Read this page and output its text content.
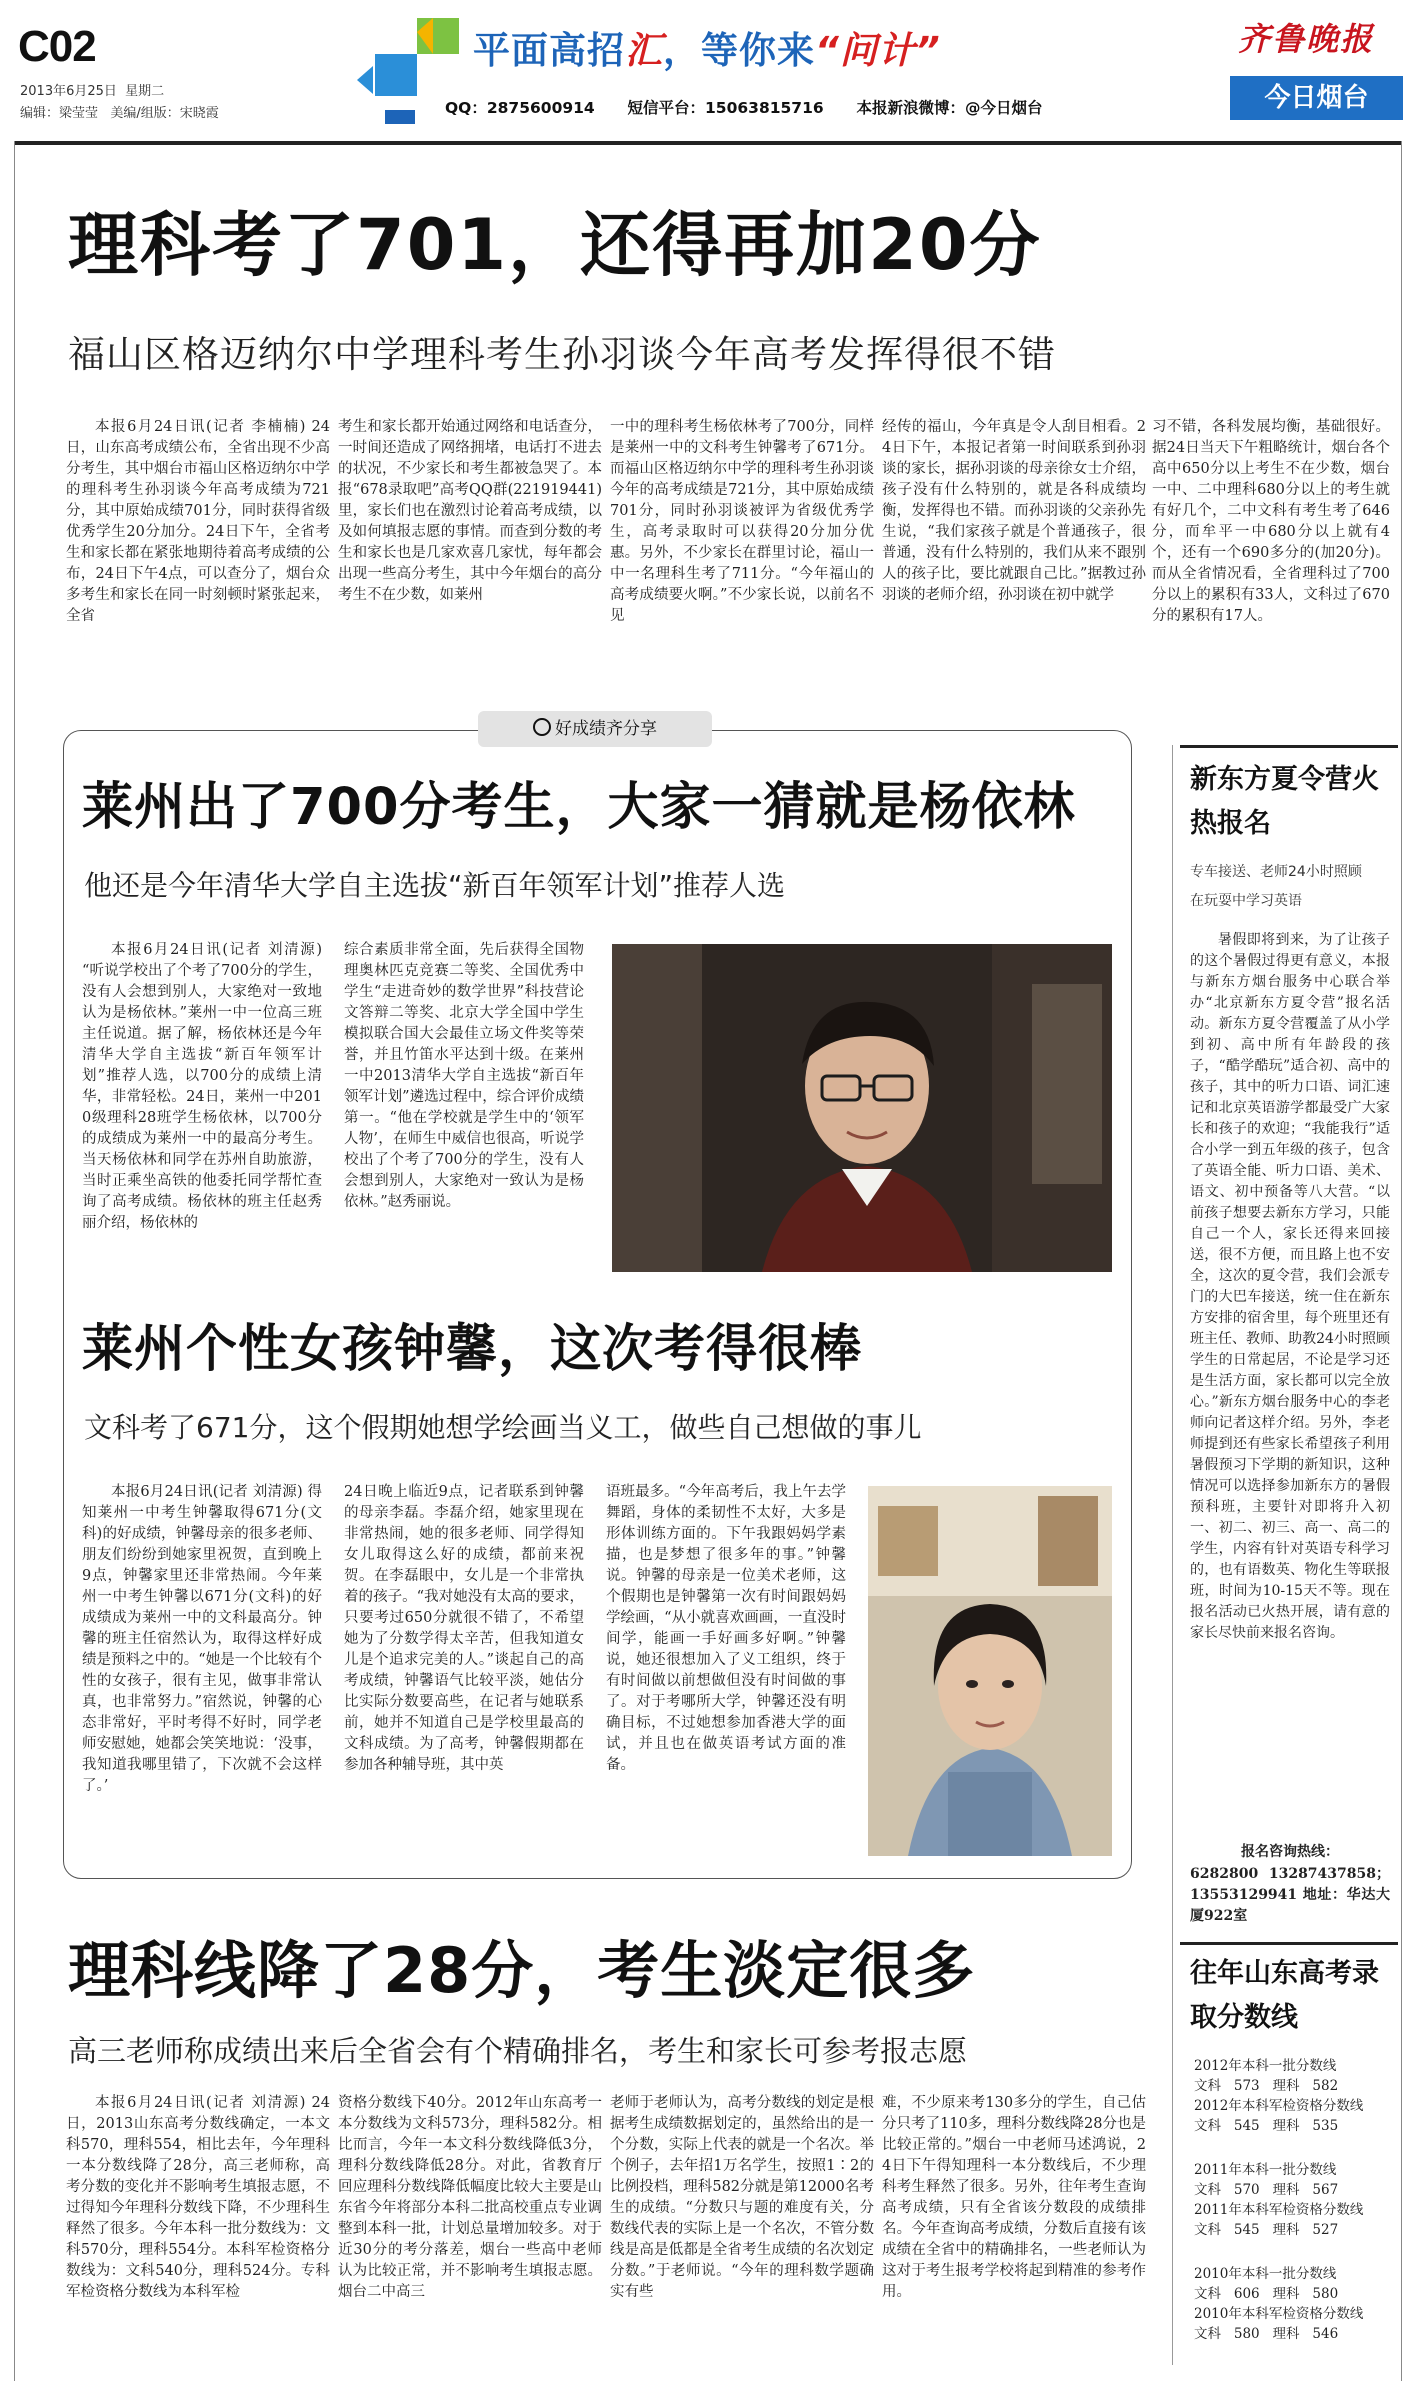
C02
2013年6月25日  星期二
编辑：梁莹莹   美编/组版：宋晓霞
平面高招汇，等你来“问计”
QQ：2875600914 短信平台：15063815716 本报新浪微博：@今日烟台
齐鲁晚报
今日烟台
理科考了701，还得再加20分
福山区格迈纳尔中学理科考生孙羽谈今年高考发挥得很不错
本报6月24日讯(记者 李楠楠) 24日，山东高考成绩公布，全省出现不少高分考生，其中烟台市福山区格迈纳尔中学的理科考生孙羽谈今年高考成绩为721分，其中原始成绩701分，同时获得省级优秀学生20分加分。24日下午，全省考生和家长都在紧张地期待着高考成绩的公布，24日下午4点，可以查分了，烟台众多考生和家长在同一时刻顿时紧张起来，全省
考生和家长都开始通过网络和电话查分，一时间还造成了网络拥堵，电话打不进去的状况，不少家长和考生都被急哭了。本报“678录取吧”高考QQ群(221919441)里，家长们也在激烈讨论着高考成绩，以及如何填报志愿的事情。而查到分数的考生和家长也是几家欢喜几家忧，每年都会出现一些高分考生，其中今年烟台的高分考生不在少数，如莱州
一中的理科考生杨依林考了700分，同样是莱州一中的文科考生钟馨考了671分。而福山区格迈纳尔中学的理科考生孙羽谈今年的高考成绩是721分，其中原始成绩701分，同时孙羽谈被评为省级优秀学生，高考录取时可以获得20分加分优惠。另外，不少家长在群里讨论，福山一中一名理科生考了711分。“今年福山的高考成绩要火啊。”不少家长说，以前名不见
经传的福山，今年真是令人刮目相看。24日下午，本报记者第一时间联系到孙羽谈的家长，据孙羽谈的母亲徐女士介绍，孩子没有什么特别的，就是各科成绩均衡，发挥得也不错。而孙羽谈的父亲孙先生说，“我们家孩子就是个普通孩子，很普通，没有什么特别的，我们从来不跟别人的孩子比，要比就跟自己比。”据教过孙羽谈的老师介绍，孙羽谈在初中就学
习不错，各科发展均衡，基础很好。据24日当天下午粗略统计，烟台各个高中650分以上考生不在少数，烟台一中、二中理科680分以上的考生就有好几个，二中文科有考生考了646分，而牟平一中680分以上就有4个，还有一个690多分的(加20分)。而从全省情况看，全省理科过了700分以上的累积有33人，文科过了670分的累积有17人。
好成绩齐分享
莱州出了700分考生，大家一猜就是杨依林
他还是今年清华大学自主选拔“新百年领军计划”推荐人选
本报6月24日讯(记者 刘清源) “听说学校出了个考了700分的学生，没有人会想到别人，大家绝对一致地认为是杨依林。”莱州一中一位高三班主任说道。据了解，杨依林还是今年清华大学自主选拔“新百年领军计划”推荐人选，以700分的成绩上清华，非常轻松。24日，莱州一中2010级理科28班学生杨依林，以700分的成绩成为莱州一中的最高分考生。当天杨依林和同学在苏州自助旅游，当时正乘坐高铁的他委托同学帮忙查询了高考成绩。杨依林的班主任赵秀丽介绍，杨依林的
综合素质非常全面，先后获得全国物理奥林匹克竞赛二等奖、全国优秀中学生“走进奇妙的数学世界”科技营论文答辩二等奖、北京大学全国中学生模拟联合国大会最佳立场文件奖等荣誉，并且竹笛水平达到十级。在莱州一中2013清华大学自主选拔“新百年领军计划”遴选过程中，综合评价成绩第一。“他在学校就是学生中的‘领军人物’，在师生中威信也很高，听说学校出了个考了700分的学生，没有人会想到别人，大家绝对一致认为是杨依林。”赵秀丽说。
莱州个性女孩钟馨，这次考得很棒
文科考了671分，这个假期她想学绘画当义工，做些自己想做的事儿
本报6月24日讯(记者 刘清源) 得知莱州一中考生钟馨取得671分(文科)的好成绩，钟馨母亲的很多老师、朋友们纷纷到她家里祝贺，直到晚上9点，钟馨家里还非常热闹。今年莱州一中考生钟馨以671分(文科)的好成绩成为莱州一中的文科最高分。钟馨的班主任宿然认为，取得这样好成绩是预料之中的。“她是一个比较有个性的女孩子，很有主见，做事非常认真，也非常努力。”宿然说，钟馨的心态非常好，平时考得不好时，同学老师安慰她，她都会笑笑地说：‘没事，我知道我哪里错了，下次就不会这样了。’
24日晚上临近9点，记者联系到钟馨的母亲李磊。李磊介绍，她家里现在非常热闹，她的很多老师、同学得知女儿取得这么好的成绩，都前来祝贺。在李磊眼中，女儿是一个非常执着的孩子。“我对她没有太高的要求，只要考过650分就很不错了，不希望她为了分数学得太辛苦，但我知道女儿是个追求完美的人。”谈起自己的高考成绩，钟馨语气比较平淡，她估分比实际分数要高些，在记者与她联系前，她并不知道自己是学校里最高的文科成绩。为了高考，钟馨假期都在参加各种辅导班，其中英
语班最多。“今年高考后，我上午去学舞蹈，身体的柔韧性不太好，大多是形体训练方面的。下午我跟妈妈学素描，也是梦想了很多年的事。”钟馨说。钟馨的母亲是一位美术老师，这个假期也是钟馨第一次有时间跟妈妈学绘画，“从小就喜欢画画，一直没时间学，能画一手好画多好啊。”钟馨说，她还很想加入了义工组织，终于有时间做以前想做但没有时间做的事了。对于考哪所大学，钟馨还没有明确目标，不过她想参加香港大学的面试，并且也在做英语考试方面的准备。
理科线降了28分，考生淡定很多
高三老师称成绩出来后全省会有个精确排名，考生和家长可参考报志愿
本报6月24日讯(记者 刘清源) 24日，2013山东高考分数线确定，一本文科570，理科554，相比去年，今年理科一本分数线降了28分，高三老师称，高考分数的变化并不影响考生填报志愿，不过得知今年理科分数线下降，不少理科生释然了很多。今年本科一批分数线为：文科570分，理科554分。本科军检资格分数线为：文科540分，理科524分。专科军检资格分数线为本科军检
资格分数线下40分。2012年山东高考一本分数线为文科573分，理科582分。相比而言，今年一本文科分数线降低3分，理科分数线降低28分。对此，省教育厅回应理科分数线降低幅度比较大主要是山东省今年将部分本科二批高校重点专业调整到本科一批，计划总量增加较多。对于近30分的考分落差，烟台一些高中老师认为比较正常，并不影响考生填报志愿。烟台二中高三
老师于老师认为，高考分数线的划定是根据考生成绩数据划定的，虽然给出的是一个分数，实际上代表的就是一个名次。举个例子，去年招1万名学生，按照1∶2的比例投档，理科582分就是第12000名考生的成绩。“分数只与题的难度有关，分数线代表的实际上是一个名次，不管分数线是高是低都是全省考生成绩的名次划定分数。”于老师说。“今年的理科数学题确实有些
难，不少原来考130多分的学生，自己估分只考了110多，理科分数线降28分也是比较正常的。”烟台一中老师马述鸿说，24日下午得知理科一本分数线后，不少理科考生释然了很多。另外，往年考生查询高考成绩，只有全省该分数段的成绩排名。今年查询高考成绩，分数后直接有该成绩在全省中的精确排名，一些老师认为这对于考生报考学校将起到精准的参考作用。
新东方夏令营火热报名
专车接送、老师24小时照顾
在玩耍中学习英语
暑假即将到来，为了让孩子的这个暑假过得更有意义，本报与新东方烟台服务中心联合举办“北京新东方夏令营”报名活动。新东方夏令营覆盖了从小学到初、高中所有年龄段的孩子，“酷学酷玩”适合初、高中的孩子，其中的听力口语、词汇速记和北京英语游学都最受广大家长和孩子的欢迎；“我能我行”适合小学一到五年级的孩子，包含了英语全能、听力口语、美术、语文、初中预备等八大营。“以前孩子想要去新东方学习，只能自己一个人，家长还得来回接送，很不方便，而且路上也不安全，这次的夏令营，我们会派专门的大巴车接送，统一住在新东方安排的宿舍里，每个班里还有班主任、教师、助教24小时照顾学生的日常起居，不论是学习还是生活方面，家长都可以完全放心。”新东方烟台服务中心的李老师向记者这样介绍。另外，李老师提到还有些家长希望孩子利用暑假预习下学期的新知识，这种情况可以选择参加新东方的暑假预科班，主要针对即将升入初一、初二、初三、高一、高二的学生，内容有针对英语专科学习的，也有语数英、物化生等联报班，时间为10-15天不等。现在报名活动已火热开展，请有意的家长尽快前来报名咨询。
报名咨询热线：
6282800 13287437858；13553129941 地址：华达大厦922室
往年山东高考录取分数线
2012年本科一批分数线
文科   573   理科   582
2012年本科军检资格分数线
文科   545   理科   535
2011年本科一批分数线
文科   570   理科   567
2011年本科军检资格分数线
文科   545   理科   527
2010年本科一批分数线
文科   606   理科   580
2010年本科军检资格分数线
文科   580   理科   546
